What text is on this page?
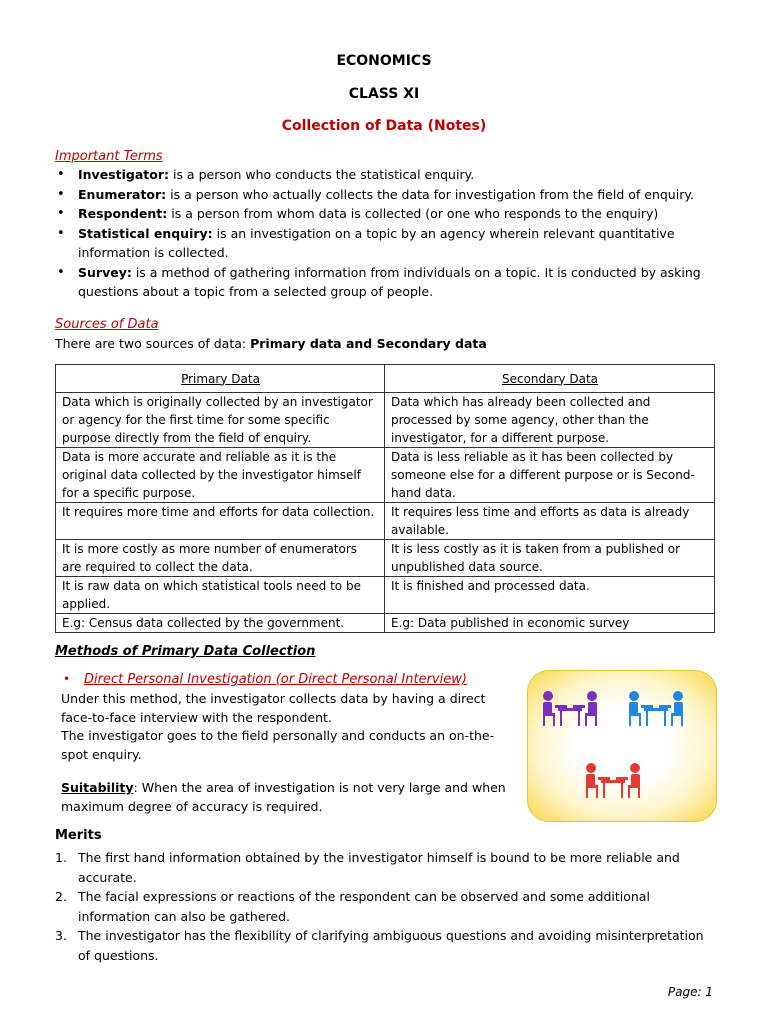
ECONOMICS
CLASS XI
Collection of Data (Notes)
Important Terms
• Investigator: is a person who conducts the statistical enquiry.
• Enumerator: is a person who actually collects the data for investigation from the field of enquiry.
• Respondent: is a person from whom data is collected (or one who responds to the enquiry)
• Statistical enquiry: is an investigation on a topic by an agency wherein relevant quantitative information is collected.
• Survey: is a method of gathering information from individuals on a topic. It is conducted by asking questions about a topic from a selected group of people.
Sources of Data
There are two sources of data: Primary data and Secondary data
Primary Data	Secondary Data
Data which is originally collected by an investigator or agency for the first time for some specific purpose directly from the field of enquiry.	Data which has already been collected and processed by some agency, other than the investigator, for a different purpose.
Data is more accurate and reliable as it is the original data collected by the investigator himself for a specific purpose.	Data is less reliable as it has been collected by someone else for a different purpose or is Second-hand data.
It requires more time and efforts for data collection.	It requires less time and efforts as data is already available.
It is more costly as more number of enumerators are required to collect the data.	It is less costly as it is taken from a published or unpublished data source.
It is raw data on which statistical tools need to be applied.	It is finished and processed data.
E.g: Census data collected by the government.	E.g: Data published in economic survey
Methods of Primary Data Collection
• Direct Personal Investigation (or Direct Personal Interview)
Under this method, the investigator collects data by having a direct face-to-face interview with the respondent.
The investigator goes to the field personally and conducts an on-the-spot enquiry.
Suitability: When the area of investigation is not very large and when maximum degree of accuracy is required.
Merits
1. The first hand information obtained by the investigator himself is bound to be more reliable and accurate.
2. The facial expressions or reactions of the respondent can be observed and some additional information can also be gathered.
3. The investigator has the flexibility of clarifying ambiguous questions and avoiding misinterpretation of questions.
Page: 1
